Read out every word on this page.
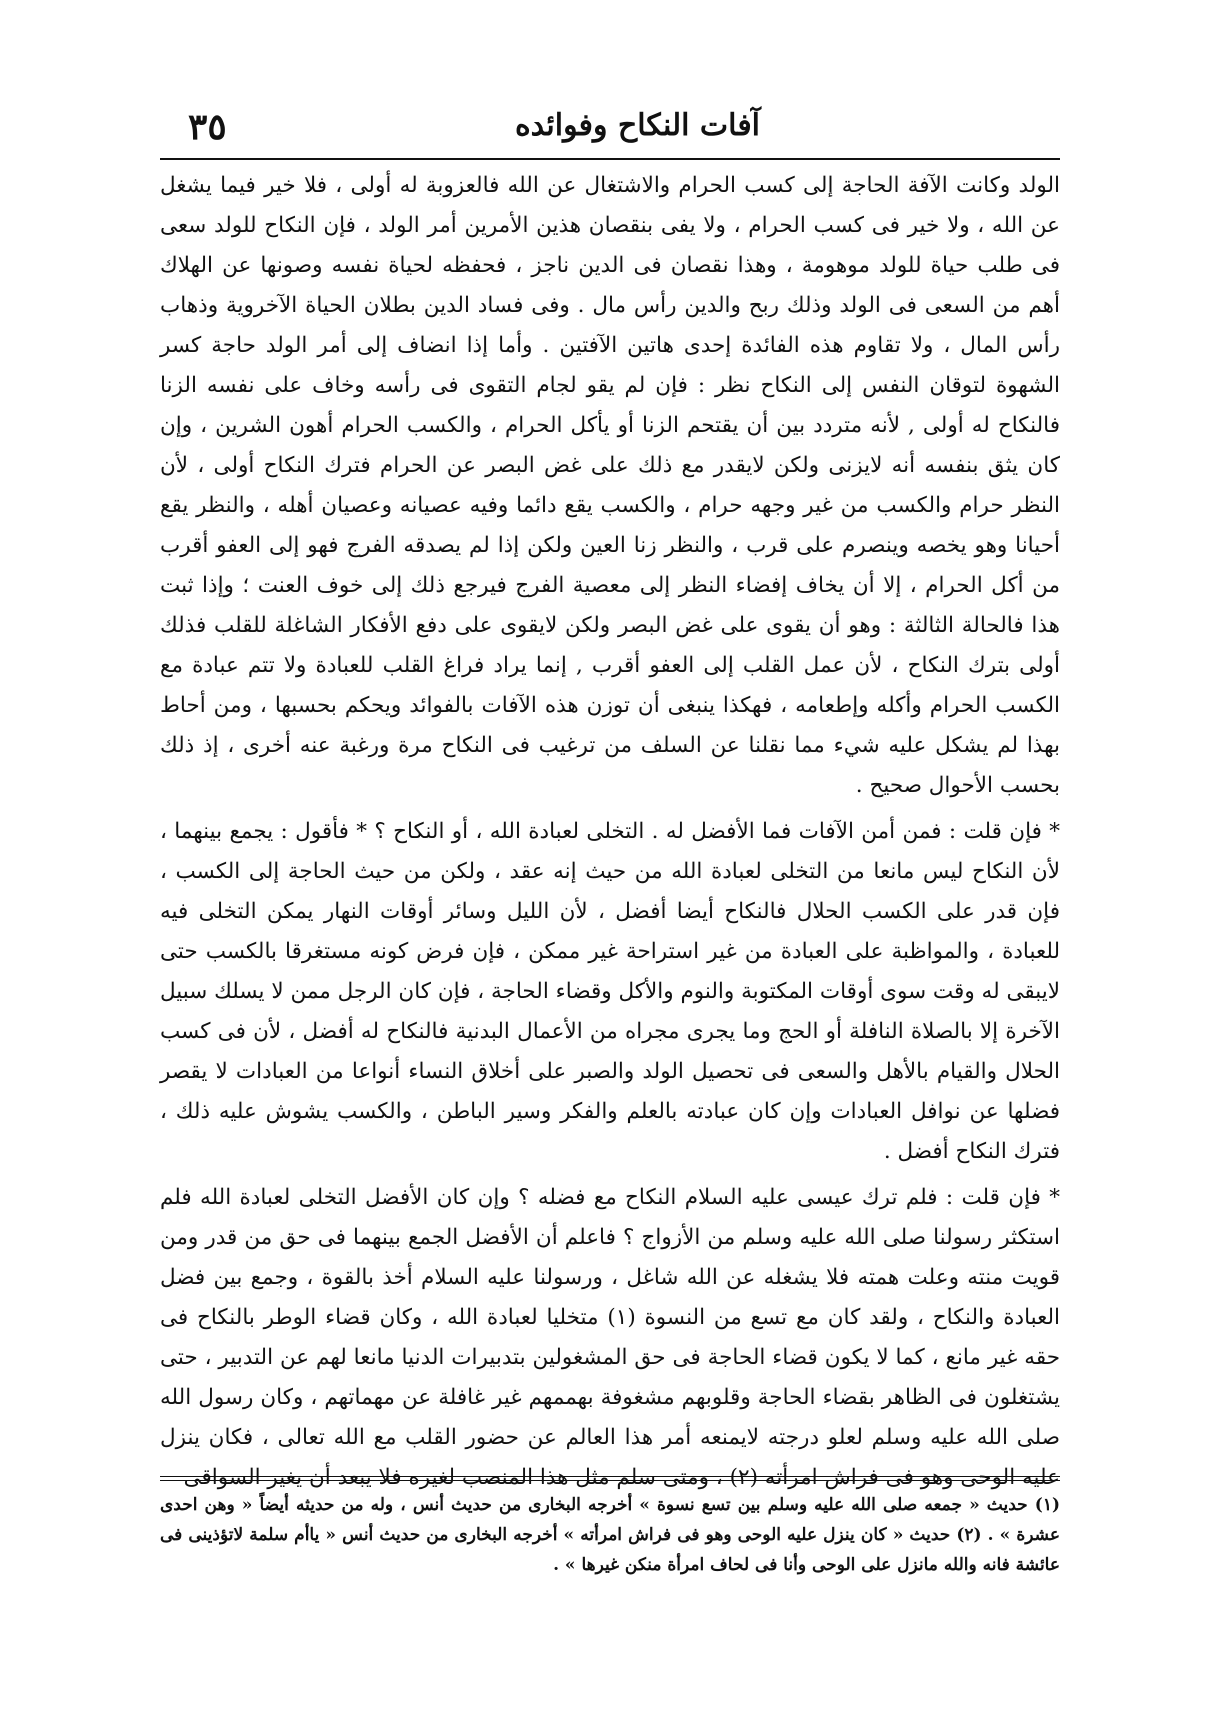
آفات النكاح وفوائده
٣٥

الولد وكانت الآفة الحاجة إلى كسب الحرام والاشتغال عن الله فالعزوبة له أولى ، فلا خير فيما يشغل عن الله ، ولا خير فى كسب الحرام ، ولا يفى بنقصان هذين الأمرين أمر الولد ، فإن النكاح للولد سعى فى طلب حياة للولد موهومة ، وهذا نقصان فى الدين ناجز ، فحفظه لحياة نفسه وصونها عن الهلاك أهم من السعى فى الولد وذلك ربح والدين رأس مال . وفى فساد الدين بطلان الحياة الآخروية وذهاب رأس المال ، ولا تقاوم هذه الفائدة إحدى هاتين الآفتين . وأما إذا انضاف إلى أمر الولد حاجة كسر الشهوة لتوقان النفس إلى النكاح نظر : فإن لم يقو لجام التقوى فى رأسه وخاف على نفسه الزنا فالنكاح له أولى , لأنه متردد بين أن يقتحم الزنا أو يأكل الحرام ، والكسب الحرام أهون الشرين ، وإن كان يثق بنفسه أنه لايزنى ولكن لايقدر مع ذلك على غض البصر عن الحرام فترك النكاح أولى ، لأن النظر حرام والكسب من غير وجهه حرام ، والكسب يقع دائما وفيه عصيانه وعصيان أهله ، والنظر يقع أحيانا وهو يخصه وينصرم على قرب ، والنظر زنا العين ولكن إذا لم يصدقه الفرج فهو إلى العفو أقرب من أكل الحرام ، إلا أن يخاف إفضاء النظر إلى معصية الفرج فيرجع ذلك إلى خوف العنت ؛ وإذا ثبت هذا فالحالة الثالثة : وهو أن يقوى على غض البصر ولكن لايقوى على دفع الأفكار الشاغلة للقلب فذلك أولى بترك النكاح ، لأن عمل القلب إلى العفو أقرب , إنما يراد فراغ القلب للعبادة ولا تتم عبادة مع الكسب الحرام وأكله وإطعامه ، فهكذا ينبغى أن توزن هذه الآفات بالفوائد ويحكم بحسبها ، ومن أحاط بهذا لم يشكل عليه شيء مما نقلنا عن السلف من ترغيب فى النكاح مرة ورغبة عنه أخرى ، إذ ذلك بحسب الأحوال صحيح .

* فإن قلت : فمن أمن الآفات فما الأفضل له . التخلى لعبادة الله ، أو النكاح ؟ * فأقول : يجمع بينهما ، لأن النكاح ليس مانعا من التخلى لعبادة الله من حيث إنه عقد ، ولكن من حيث الحاجة إلى الكسب ، فإن قدر على الكسب الحلال فالنكاح أيضا أفضل ، لأن الليل وسائر أوقات النهار يمكن التخلى فيه للعبادة ، والمواظبة على العبادة من غير استراحة غير ممكن ، فإن فرض كونه مستغرقا بالكسب حتى لايبقى له وقت سوى أوقات المكتوبة والنوم والأكل وقضاء الحاجة ، فإن كان الرجل ممن لا يسلك سبيل الآخرة إلا بالصلاة النافلة أو الحج وما يجرى مجراه من الأعمال البدنية فالنكاح له أفضل ، لأن فى كسب الحلال والقيام بالأهل والسعى فى تحصيل الولد والصبر على أخلاق النساء أنواعا من العبادات لا يقصر فضلها عن نوافل العبادات وإن كان عبادته بالعلم والفكر وسير الباطن ، والكسب يشوش عليه ذلك ، فترك النكاح أفضل .

* فإن قلت : فلم ترك عيسى عليه السلام النكاح مع فضله ؟ وإن كان الأفضل التخلى لعبادة الله فلم استكثر رسولنا صلى الله عليه وسلم من الأزواج ؟ فاعلم أن الأفضل الجمع بينهما فى حق من قدر ومن قويت منته وعلت همته فلا يشغله عن الله شاغل ، ورسولنا عليه السلام أخذ بالقوة ، وجمع بين فضل العبادة والنكاح ، ولقد كان مع تسع من النسوة (١) متخليا لعبادة الله ، وكان قضاء الوطر بالنكاح فى حقه غير مانع ، كما لا يكون قضاء الحاجة فى حق المشغولين بتدبيرات الدنيا مانعا لهم عن التدبير ، حتى يشتغلون فى الظاهر بقضاء الحاجة وقلوبهم مشغوفة بهممهم غير غافلة عن مهماتهم ، وكان رسول الله صلى الله عليه وسلم لعلو درجته لايمنعه أمر هذا العالم عن حضور القلب مع الله تعالى ، فكان ينزل عليه الوحى وهو فى فراش امرأته (٢) ، ومتى سلم مثل هذا المنصب لغيره فلا يبعد أن يغير السواقى

(١) حديث « جمعه صلى الله عليه وسلم بين تسع نسوة » أخرجه البخارى من حديث أنس ، وله من حديثه أيضاً « وهن احدى عشرة » . (٢) حديث « كان ينزل عليه الوحى وهو فى فراش امرأته » أخرجه البخارى من حديث أنس « ياأم سلمة لاتؤذينى فى عائشة فانه والله مانزل على الوحى وأنا فى لحاف امرأة منكن غيرها » .
